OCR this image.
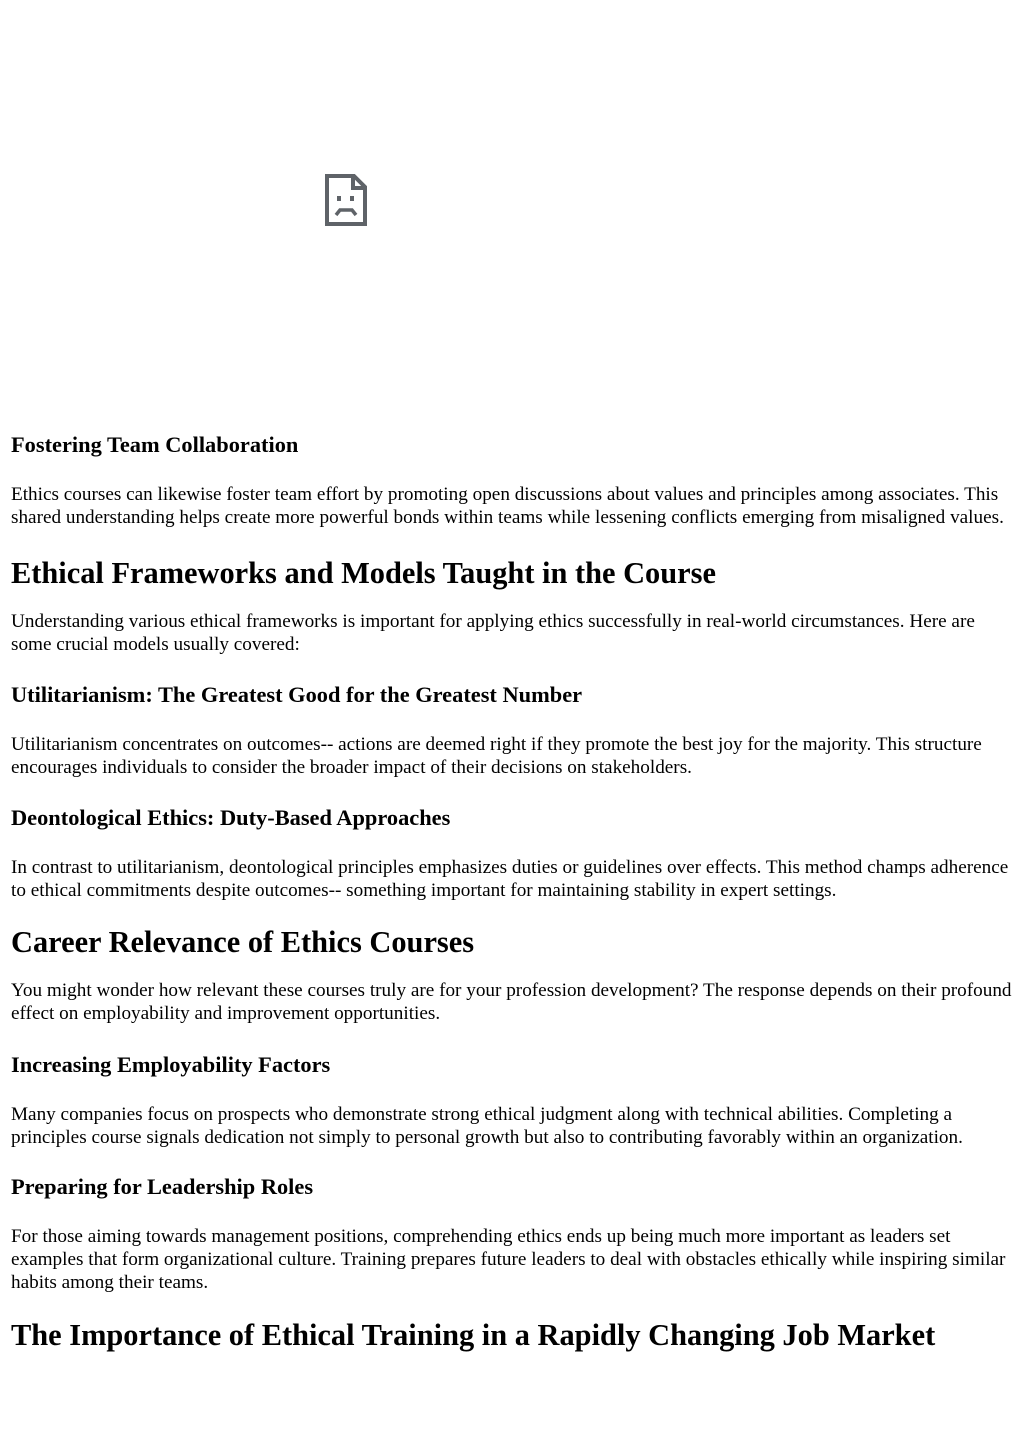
Fostering Team Collaboration

Ethics courses can likewise foster team effort by promoting open discussions about values and principles among associates. This shared understanding helps create more powerful bonds within teams while lessening conflicts emerging from misaligned values.

Ethical Frameworks and Models Taught in the Course

Understanding various ethical frameworks is important for applying ethics successfully in real-world circumstances. Here are some crucial models usually covered:

Utilitarianism: The Greatest Good for the Greatest Number

Utilitarianism concentrates on outcomes-- actions are deemed right if they promote the best joy for the majority. This structure encourages individuals to consider the broader impact of their decisions on stakeholders.

Deontological Ethics: Duty-Based Approaches

In contrast to utilitarianism, deontological principles emphasizes duties or guidelines over effects. This method champs adherence to ethical commitments despite outcomes-- something important for maintaining stability in expert settings.

Career Relevance of Ethics Courses

You might wonder how relevant these courses truly are for your profession development? The response depends on their profound effect on employability and improvement opportunities.

Increasing Employability Factors

Many companies focus on prospects who demonstrate strong ethical judgment along with technical abilities. Completing a principles course signals dedication not simply to personal growth but also to contributing favorably within an organization.

Preparing for Leadership Roles

For those aiming towards management positions, comprehending ethics ends up being much more important as leaders set examples that form organizational culture. Training prepares future leaders to deal with obstacles ethically while inspiring similar habits among their teams.

The Importance of Ethical Training in a Rapidly Changing Job Market
